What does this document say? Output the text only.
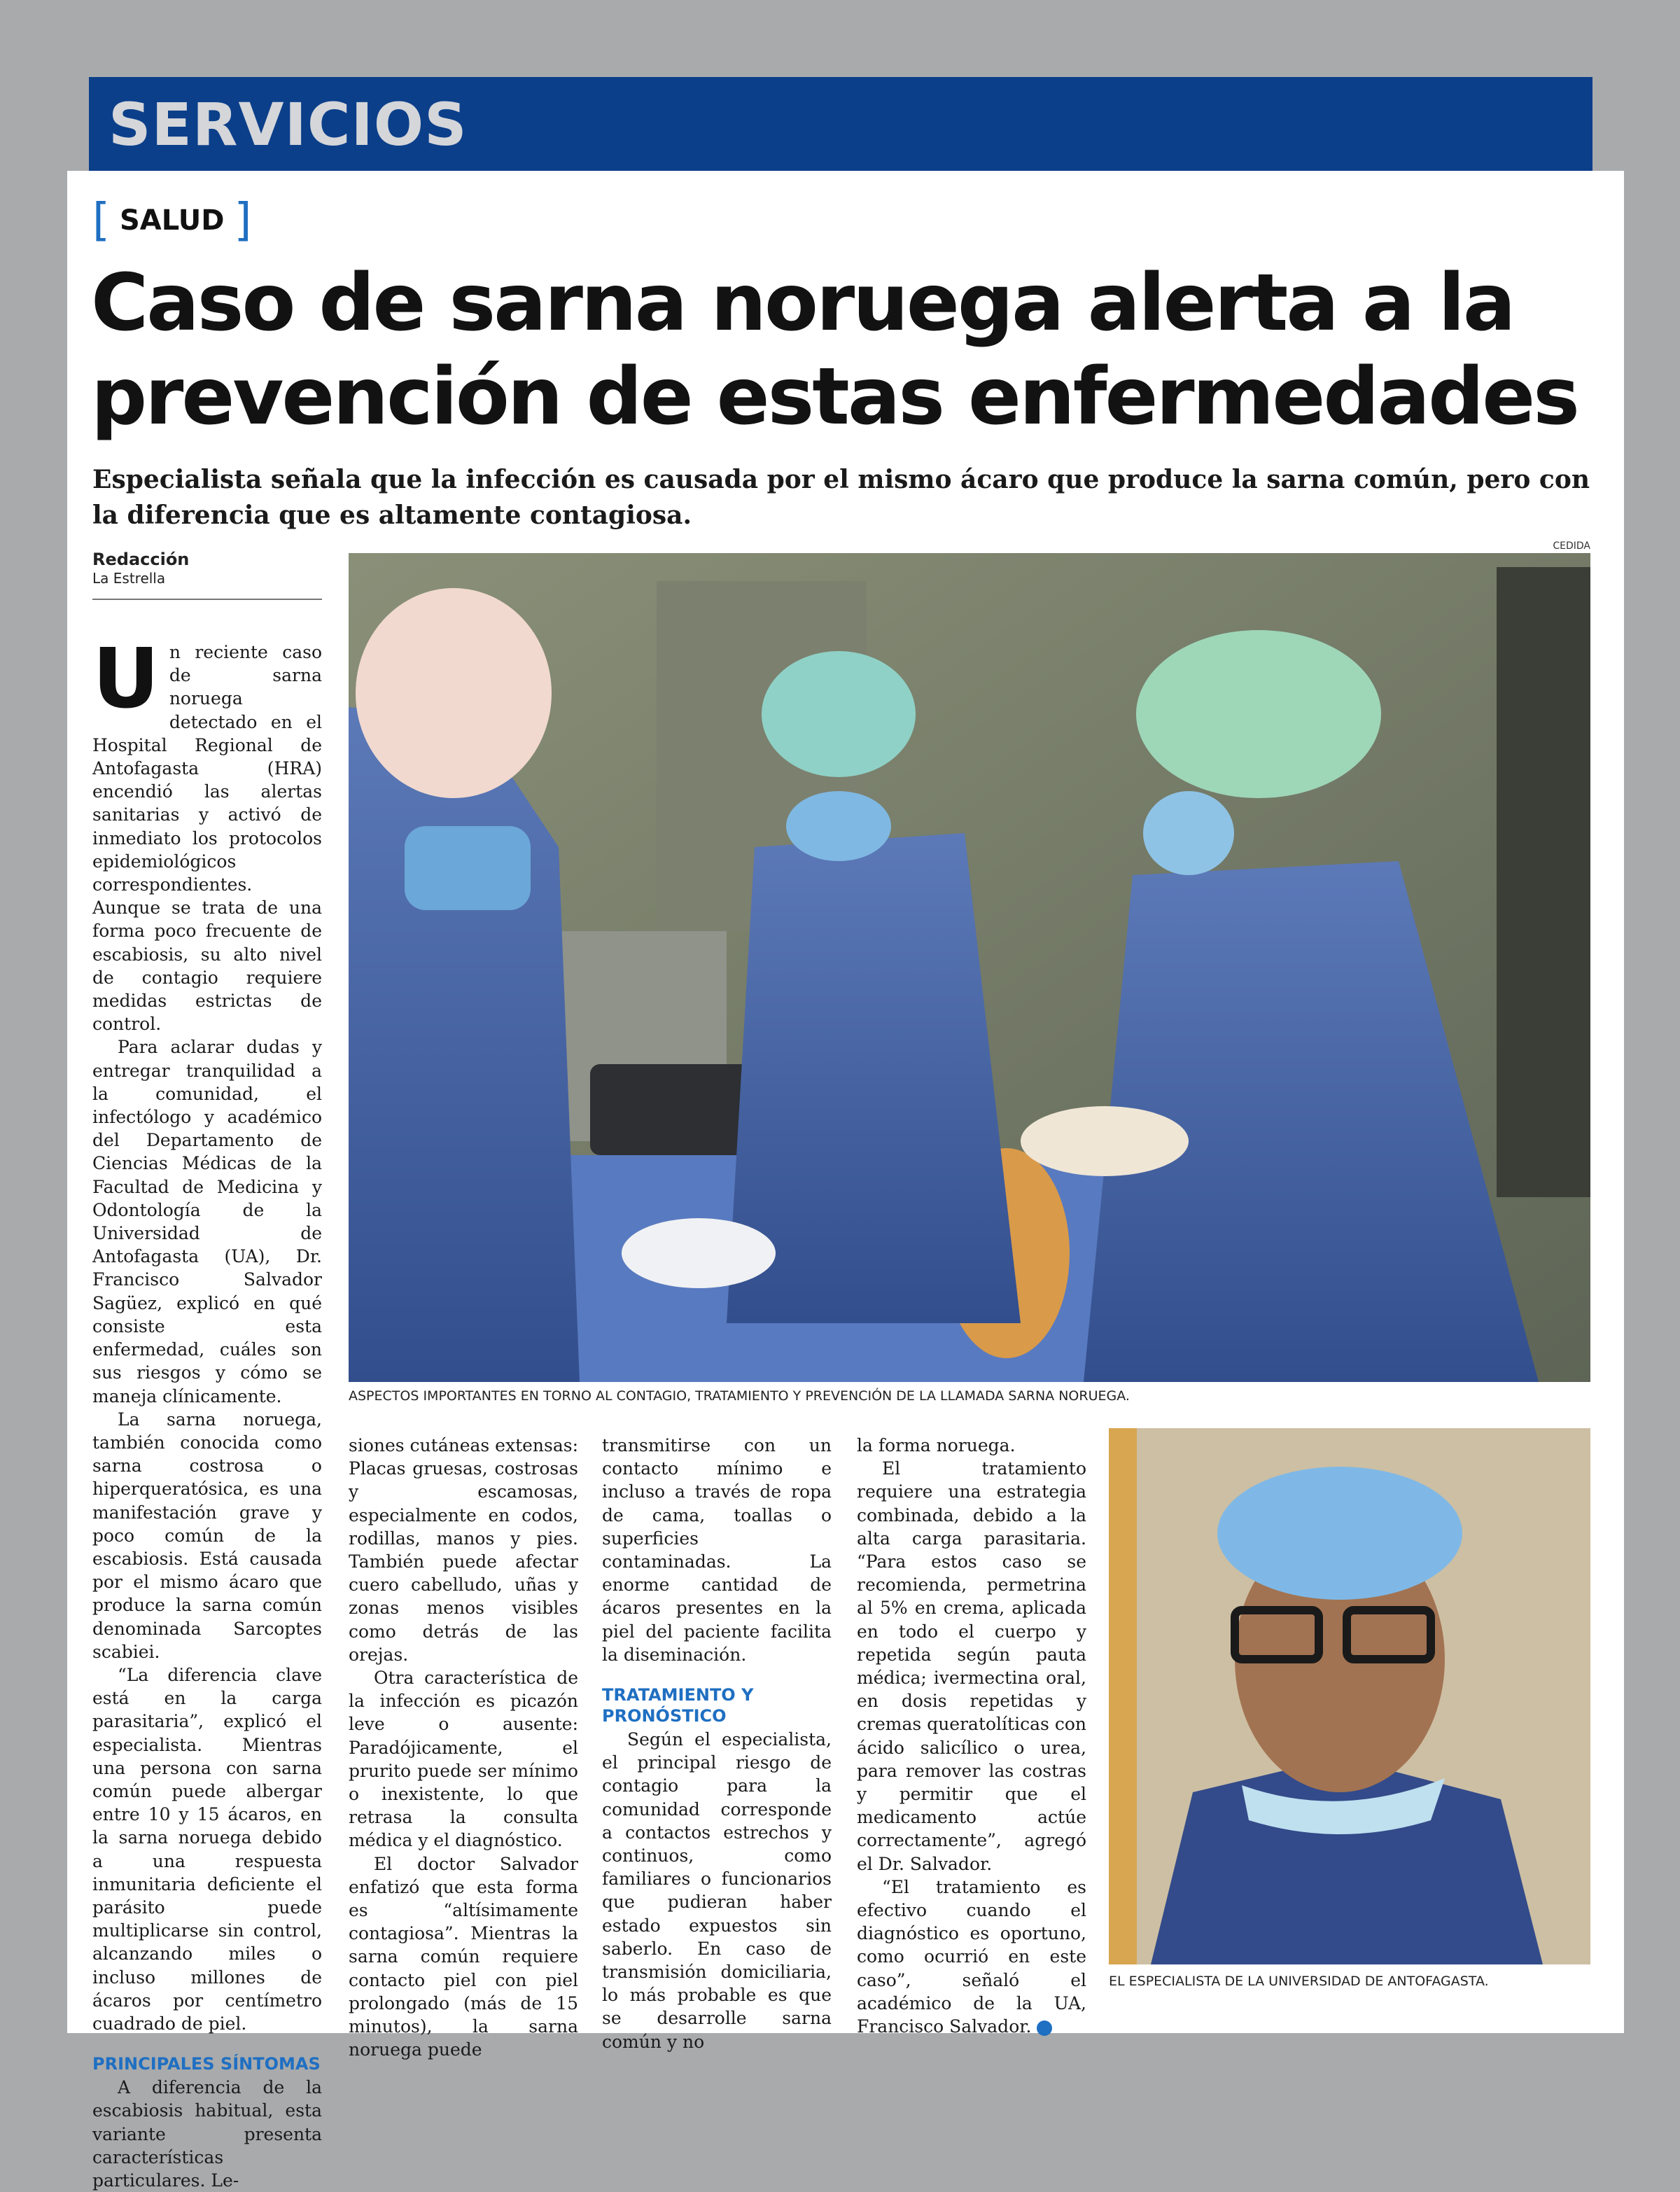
SERVICIOS
[ SALUD ]
Caso de sarna noruega alerta a la
prevención de estas enfermedades

Especialista señala que la infección es causada por el mismo ácaro que produce la sarna común, pero con la diferencia que es altamente contagiosa.

Redacción
La Estrella
CEDIDA
ASPECTOS IMPORTANTES EN TORNO AL CONTAGIO, TRATAMIENTO Y PREVENCIÓN DE LA LLAMADA SARNA NORUEGA.
EL ESPECIALISTA DE LA UNIVERSIDAD DE ANTOFAGASTA.
U n reciente caso de sarna noruega detectado en el Hospital Regional de Antofagasta (HRA) encendió las alertas sanitarias y activó de inmediato los protocolos epidemiológicos correspondientes. Aunque se trata de una forma poco frecuente de escabiosis, su alto nivel de contagio requiere medidas estrictas de control.

Para aclarar dudas y entregar tranquilidad a la comunidad, el infectólogo y académico del Departamento de Ciencias Médicas de la Facultad de Medicina y Odontología de la Universidad de Antofagasta (UA), Dr. Francisco Salvador Sagüez, explicó en qué consiste esta enfermedad, cuáles son sus riesgos y cómo se maneja clínicamente.

La sarna noruega, también conocida como sarna costrosa o hiperqueratósica, es una manifestación grave y poco común de la escabiosis. Está causada por el mismo ácaro que produce la sarna común denominada Sarcoptes scabiei.

“La diferencia clave está en la carga parasitaria”, explicó el especialista. Mientras una persona con sarna común puede albergar entre 10 y 15 ácaros, en la sarna noruega debido a una respuesta inmunitaria deficiente el parásito puede multiplicarse sin control, alcanzando miles o incluso millones de ácaros por centímetro cuadrado de piel.

PRINCIPALES SÍNTOMAS

A diferencia de la escabiosis habitual, esta variante presenta características particulares. Le-

siones cutáneas extensas: Placas gruesas, costrosas y escamosas, especialmente en codos, rodillas, manos y pies. También puede afectar cuero cabelludo, uñas y zonas menos visibles como detrás de las orejas.

Otra característica de la infección es picazón leve o ausente: Paradójicamente, el prurito puede ser mínimo o inexistente, lo que retrasa la consulta médica y el diagnóstico.

El doctor Salvador enfatizó que esta forma es “altísimamente contagiosa”. Mientras la sarna común requiere contacto piel con piel prolongado (más de 15 minutos), la sarna noruega puede

transmitirse con un contacto mínimo e incluso a través de ropa de cama, toallas o superficies contaminadas. La enorme cantidad de ácaros presentes en la piel del paciente facilita la diseminación.

TRATAMIENTO Y
PRONÓSTICO

Según el especialista, el principal riesgo de contagio para la comunidad corresponde a contactos estrechos y continuos, como familiares o funcionarios que pudieran haber estado expuestos sin saberlo. En caso de transmisión domiciliaria, lo más probable es que se desarrolle sarna común y no

la forma noruega.

El tratamiento requiere una estrategia combinada, debido a la alta carga parasitaria. “Para estos caso se recomienda, permetrina al 5% en crema, aplicada en todo el cuerpo y repetida según pauta médica; ivermectina oral, en dosis repetidas y cremas queratolíticas con ácido salicílico o urea, para remover las costras y permitir que el medicamento actúe correctamente”, agregó el Dr. Salvador.

“El tratamiento es efectivo cuando el diagnóstico es oportuno, como ocurrió en este caso”, señaló el académico de la UA, Francisco Salvador.	✪
